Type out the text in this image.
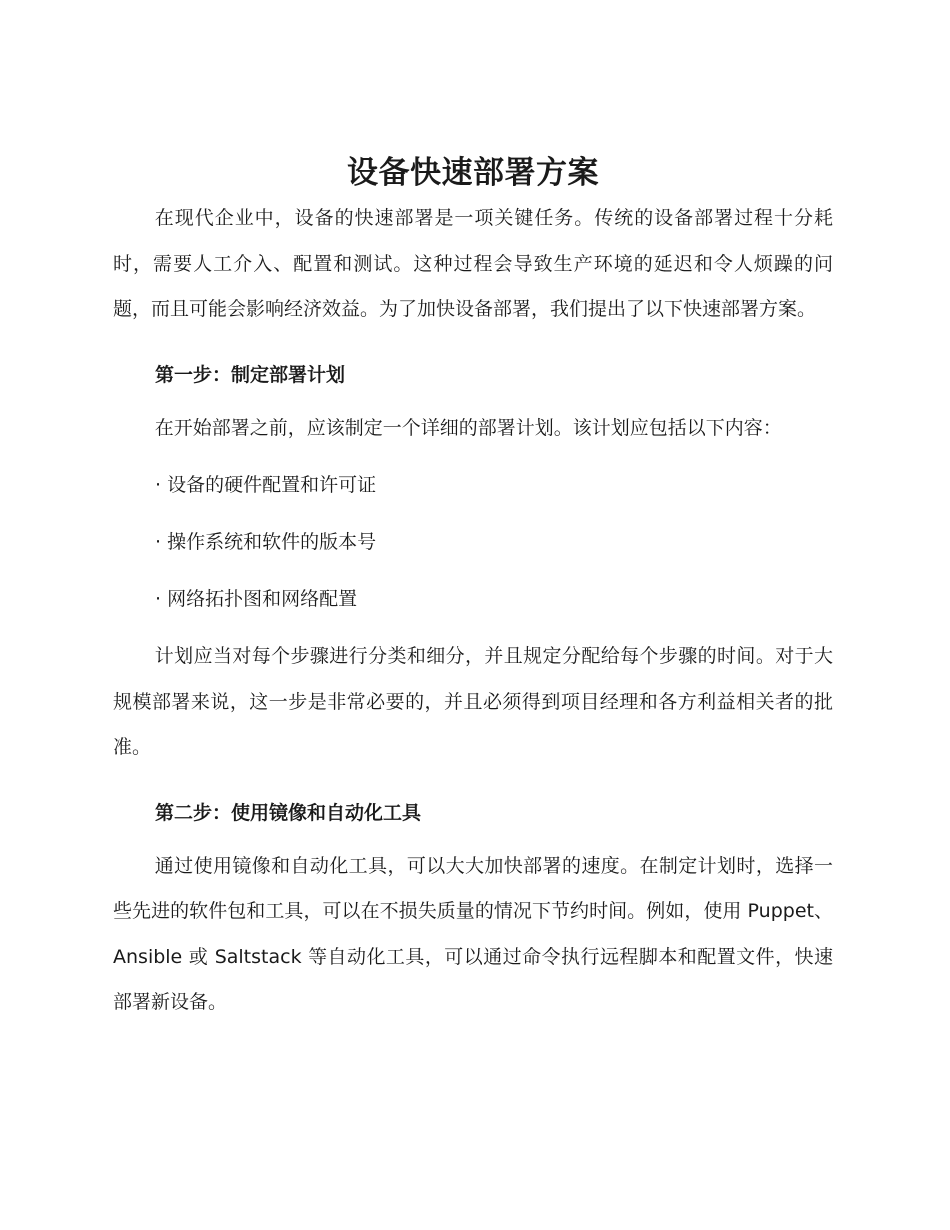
设备快速部署方案

在现代企业中，设备的快速部署是一项关键任务。传统的设备部署过程十分耗时，需要人工介入、配置和测试。这种过程会导致生产环境的延迟和令人烦躁的问题，而且可能会影响经济效益。为了加快设备部署，我们提出了以下快速部署方案。

第一步：制定部署计划

在开始部署之前，应该制定一个详细的部署计划。该计划应包括以下内容：

· 设备的硬件配置和许可证
· 操作系统和软件的版本号
· 网络拓扑图和网络配置

计划应当对每个步骤进行分类和细分，并且规定分配给每个步骤的时间。对于大规模部署来说，这一步是非常必要的，并且必须得到项目经理和各方利益相关者的批准。

第二步：使用镜像和自动化工具

通过使用镜像和自动化工具，可以大大加快部署的速度。在制定计划时，选择一些先进的软件包和工具，可以在不损失质量的情况下节约时间。例如，使用 Puppet、Ansible 或 Saltstack 等自动化工具，可以通过命令执行远程脚本和配置文件，快速部署新设备。
